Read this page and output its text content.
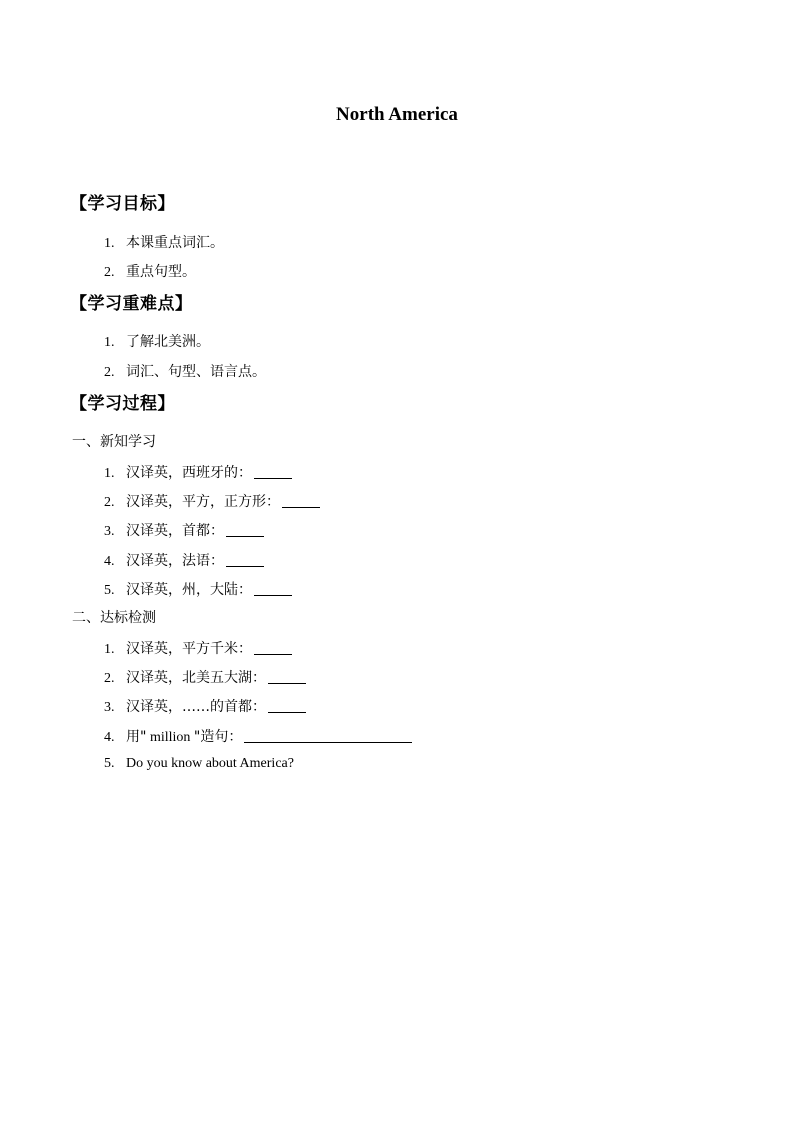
North America
【学习目标】
1. 本课重点词汇。
2. 重点句型。
【学习重难点】
1. 了解北美洲。
2. 词汇、句型、语言点。
【学习过程】
一、新知学习
1. 汉译英，西班牙的：
2. 汉译英，平方，正方形：
3. 汉译英，首都：
4. 汉译英，法语：
5. 汉译英，州，大陆：
二、达标检测
1. 汉译英，平方千米：
2. 汉译英，北美五大湖：
3. 汉译英，……的首都：
4. 用" million "造句：
5. Do you know about America?
